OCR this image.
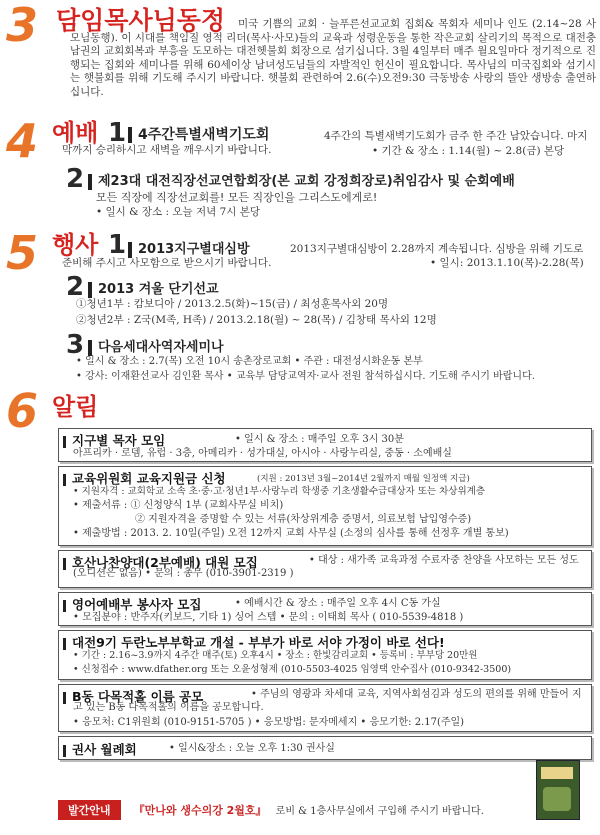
3 담임목사님동정	미국 기쁨의 교회 · 늘푸른선교교회 집회& 목회자 세미나 인도 (2.14~28 사모님동행). 이 시대를 책임질 영적 리더(목사·사모)들의 교육과 성령운동을 통한 작은교회 살리기의 목적으로 대전충남권의 교회회복과 부흥을 도모하는 대전헷불회 회장으로 섬기십니다. 3월 4일부터 매주 월요일마다 정기적으로 진행되는 집회와 세미나를 위해 60세이상 남녀성도님들의 자발적인 헌신이 필요합니다. 목사님의 미국집회와 섬기시는 햇불회를 위해 기도해 주시기 바랍니다. 햇불회 관련하여 2.6(수)오전9:30 극동방송 사랑의 뜰안 생방송 출연하십니다.
4 예배 1 4주간특별새벽기도회	4주간의 특별새벽기도회가 금주 한 주간 남았습니다. 마지막까지 승리하시고 새벽을 깨우시기 바랍니다.	• 기간 & 장소 : 1.14(월) ~ 2.8(금) 본당
2	제23대 대전직장선교연합회장(본 교회 강정희장로)취임감사 및 순회예배
모든 직장에 직장선교회를! 모든 직장인을 그리스도에게로!
• 일시 & 장소 : 오늘 저녁 7시 본당
5 행사 1 2013지구별대심방	2013지구별대심방이 2.28까지 계속됩니다. 심방을 위해 기도로 준비해 주시고 사모함으로 받으시기 바랍니다.	• 일시: 2013.1.10(목)-2.28(목)
2	2013 겨울 단기선교
①청년1부 : 캄보디아 / 2013.2.5(화)~15(금) / 최성훈목사외 20명
②청년2부 : Z국(M족, H족) / 2013.2.18(월) ~ 28(목) / 김창태 목사외 12명
3	다음세대사역자세미나
• 일시 & 장소 : 2.7(목) 오전 10시 송촌장로교회 • 주관 : 대전성시화운동 본부
• 강사: 이재환선교사 김인환 목사 • 교육부 담당교역자·교사 전원 참석하십시다. 기도해 주시기 바랍니다.
6 알림
지구별 목자 모임	• 일시 & 장소 : 매주일 오후 3시 30분
아프리카 · 로뎀, 유럽 · 3층, 아메리카 · 성가대실, 아시아 · 사랑누리실, 중동 · 소예배실
교육위원회 교육지원금 신청	(지원 : 2013년 3월~2014년 2월까지 매월 일정액 지급)
• 지원자격 : 교회학교 소속 초·중·고·청년1부·사랑누리 학생중 기초생활수급대상자 또는 차상위계층
• 제출서류 : ① 신청양식 1부 (교회사무실 비치)
② 지원자격을 증명할 수 있는 서류(차상위계층 증명서, 의료보험 납입영수증)
• 제출방법 : 2013. 2. 10일(주일) 오전 12까지 교회 사무실 (소정의 심사를 통해 선정후 개별 통보)
호산나찬양대(2부예배) 대원 모집	• 대상 : 새가족 교육과정 수료자중 찬양을 사모하는 모든 성도(오디션은 없음) • 문의 : 총무 (010-3901-2319 )
영어예배부 봉사자 모집	• 예배시간 & 장소 : 매주일 오후 4시 C동 가실
• 모집분야 : 반주자(키보드, 기타 1) 싱어 스텝 • 문의 : 이태희 목사 ( 010-5539-4818 )
대전9기 두란노부부학교 개설 - 부부가 바로 서야 가정이 바로 선다!
• 기간 : 2.16~3.9까지 4주간 매주(토) 오후4시 • 장소 : 한빛감리교회 • 등록비 : 부부당 20만원
• 신청접수 : www.dfather.org 또는 오윤성형제 (010-5503-4025 임영택 안수집사 (010-9342-3500)
B동 다목적홀 이름 공모	• 주님의 영광과 차세대 교육, 지역사회섬김과 성도의 편의를 위해 만들어 지고 있는 B동 다목적홀의 이름을 공모합니다.
• 응모처: C1위원회 (010-9151-5705 ) • 응모방법: 문자메세지 • 응모기한: 2.17(주일)
권사 월례회	• 일시&장소 : 오늘 오후 1:30 권사실
발간안내 『만나와 생수의강 2월호』 로비 & 1층사무실에서 구입해 주시기 바랍니다.
